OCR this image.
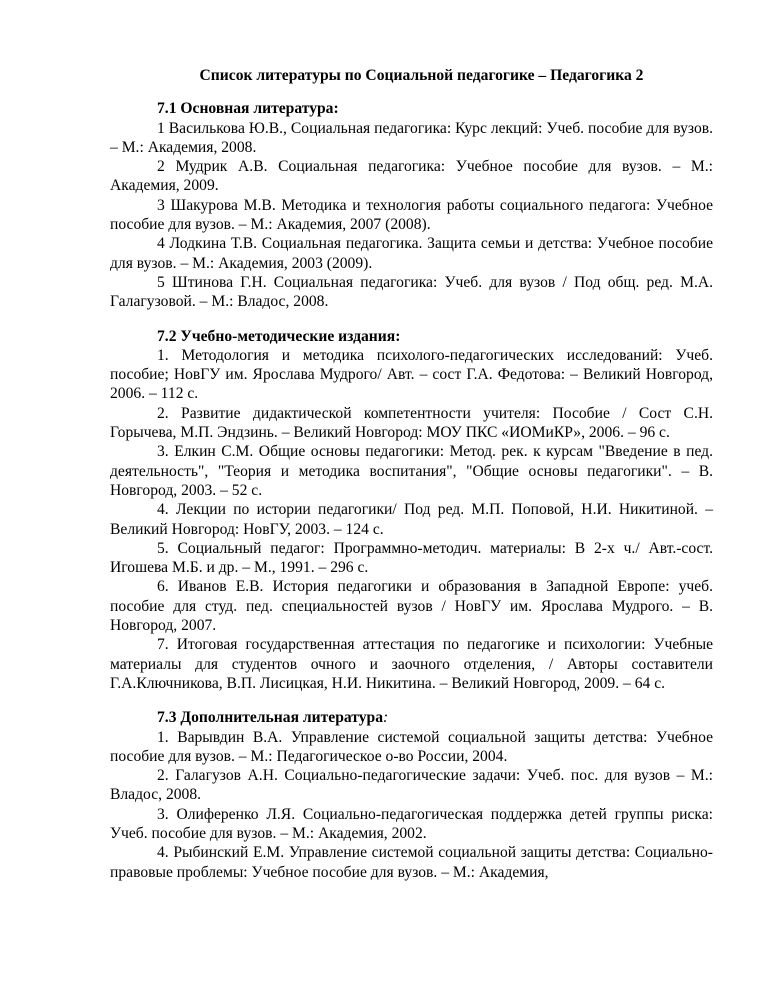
Список литературы по Социальной педагогике – Педагогика 2
7.1 Основная литература:
1 Василькова Ю.В., Социальная педагогика: Курс лекций: Учеб. пособие для вузов. – М.: Академия, 2008.
2 Мудрик А.В. Социальная педагогика: Учебное пособие для вузов. – М.: Академия, 2009.
3 Шакурова М.В. Методика и технология работы социального педагога: Учебное пособие для вузов. – М.: Академия, 2007 (2008).
4 Лодкина Т.В. Социальная педагогика. Защита семьи и детства: Учебное пособие для вузов. – М.: Академия, 2003 (2009).
5 Штинова Г.Н. Социальная педагогика: Учеб. для вузов / Под общ. ред. М.А. Галагузовой. – М.: Владос, 2008.
7.2 Учебно-методические издания:
1. Методология и методика психолого-педагогических исследований: Учеб. пособие; НовГУ им. Ярослава Мудрого/ Авт. – сост Г.А. Федотова: – Великий Новгород, 2006. – 112 с.
2. Развитие дидактической компетентности учителя: Пособие / Сост С.Н. Горычева, М.П. Эндзинь. – Великий Новгород: МОУ ПКС «ИОМиКР», 2006. – 96 с.
3. Елкин С.М. Общие основы педагогики: Метод. рек. к курсам "Введение в пед. деятельность", "Теория и методика воспитания", "Общие основы педагогики". – В. Новгород, 2003. – 52 с.
4. Лекции по истории педагогики/ Под ред. М.П. Поповой, Н.И. Никитиной. – Великий Новгород: НовГУ, 2003. – 124 с.
5. Социальный педагог: Программно-методич. материалы: В 2-х ч./ Авт.-сост. Игошева М.Б. и др. – М., 1991. – 296 с.
6. Иванов Е.В. История педагогики и образования в Западной Европе: учеб. пособие для студ. пед. специальностей вузов / НовГУ им. Ярослава Мудрого. – В. Новгород, 2007.
7. Итоговая государственная аттестация по педагогике и психологии: Учебные материалы для студентов очного и заочного отделения, / Авторы составители Г.А.Ключникова, В.П. Лисицкая, Н.И. Никитина. – Великий Новгород, 2009. – 64 с.
7.3 Дополнительная литература:
1. Варывдин В.А. Управление системой социальной защиты детства: Учебное пособие для вузов. – М.: Педагогическое о-во России, 2004.
2. Галагузов А.Н. Социально-педагогические задачи: Учеб. пос. для вузов – М.: Владос, 2008.
3. Олиференко Л.Я. Социально-педагогическая поддержка детей группы риска: Учеб. пособие для вузов. – М.: Академия, 2002.
4. Рыбинский Е.М. Управление системой социальной защиты детства: Социально-правовые проблемы: Учебное пособие для вузов. – М.: Академия,
